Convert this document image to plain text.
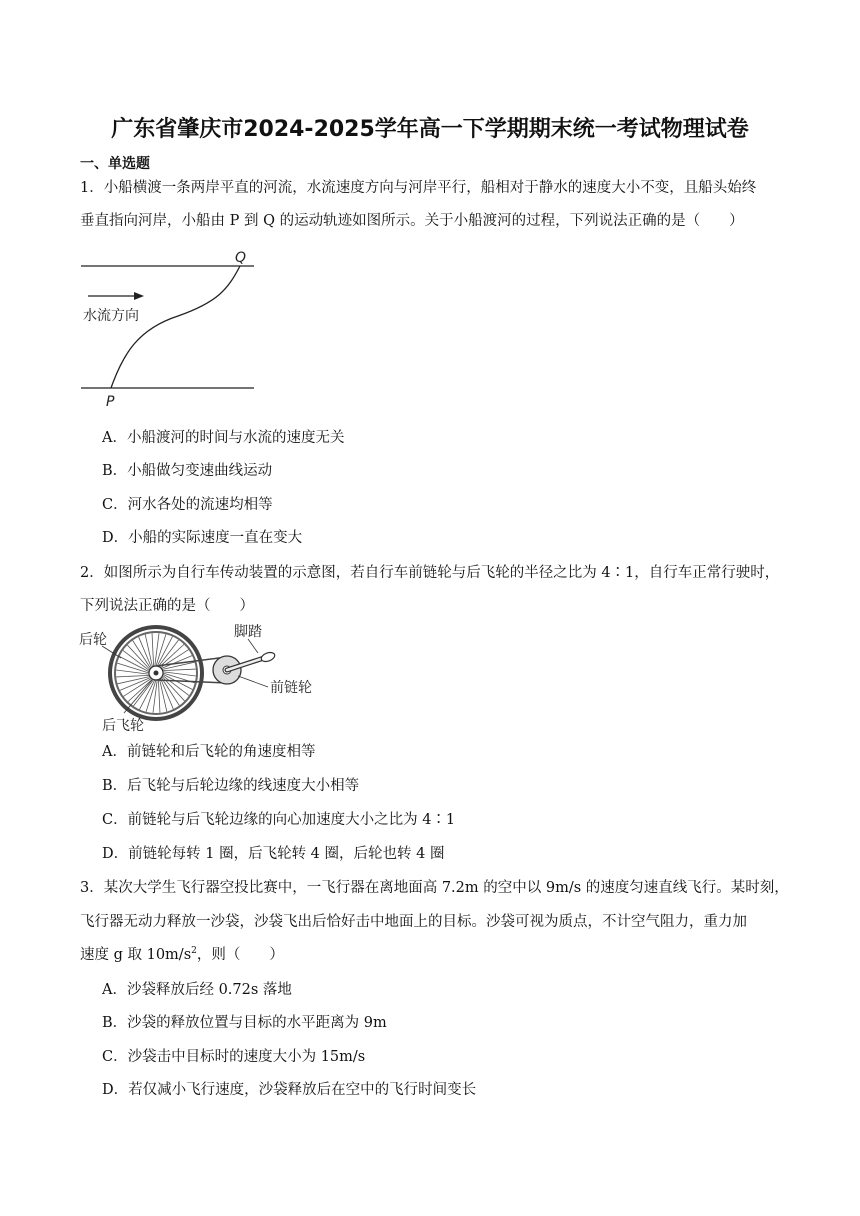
广东省肇庆市2024-2025学年高一下学期期末统一考试物理试卷
一、单选题
1．小船横渡一条两岸平直的河流，水流速度方向与河岸平行，船相对于静水的速度大小不变，且船头始终
垂直指向河岸，小船由 P 到 Q 的运动轨迹如图所示。关于小船渡河的过程，下列说法正确的是（　　）
水流方向
Q
P
A．小船渡河的时间与水流的速度无关
B．小船做匀变速曲线运动
C．河水各处的流速均相等
D．小船的实际速度一直在变大
2．如图所示为自行车传动装置的示意图，若自行车前链轮与后飞轮的半径之比为 4∶1，自行车正常行驶时，
下列说法正确的是（　　）
后轮	脚踏
前链轮
后飞轮
A．前链轮和后飞轮的角速度相等
B．后飞轮与后轮边缘的线速度大小相等
C．前链轮与后飞轮边缘的向心加速度大小之比为 4∶1
D．前链轮每转 1 圈，后飞轮转 4 圈，后轮也转 4 圈
3．某次大学生飞行器空投比赛中，一飞行器在离地面高 7.2m 的空中以 9m/s 的速度匀速直线飞行。某时刻，
飞行器无动力释放一沙袋，沙袋飞出后恰好击中地面上的目标。沙袋可视为质点，不计空气阻力，重力加
速度 g 取 $10m/s^2$，则（　　）
A．沙袋释放后经 0.72s 落地
B．沙袋的释放位置与目标的水平距离为 9m
C．沙袋击中目标时的速度大小为 15m/s
D．若仅减小飞行速度，沙袋释放后在空中的飞行时间变长
